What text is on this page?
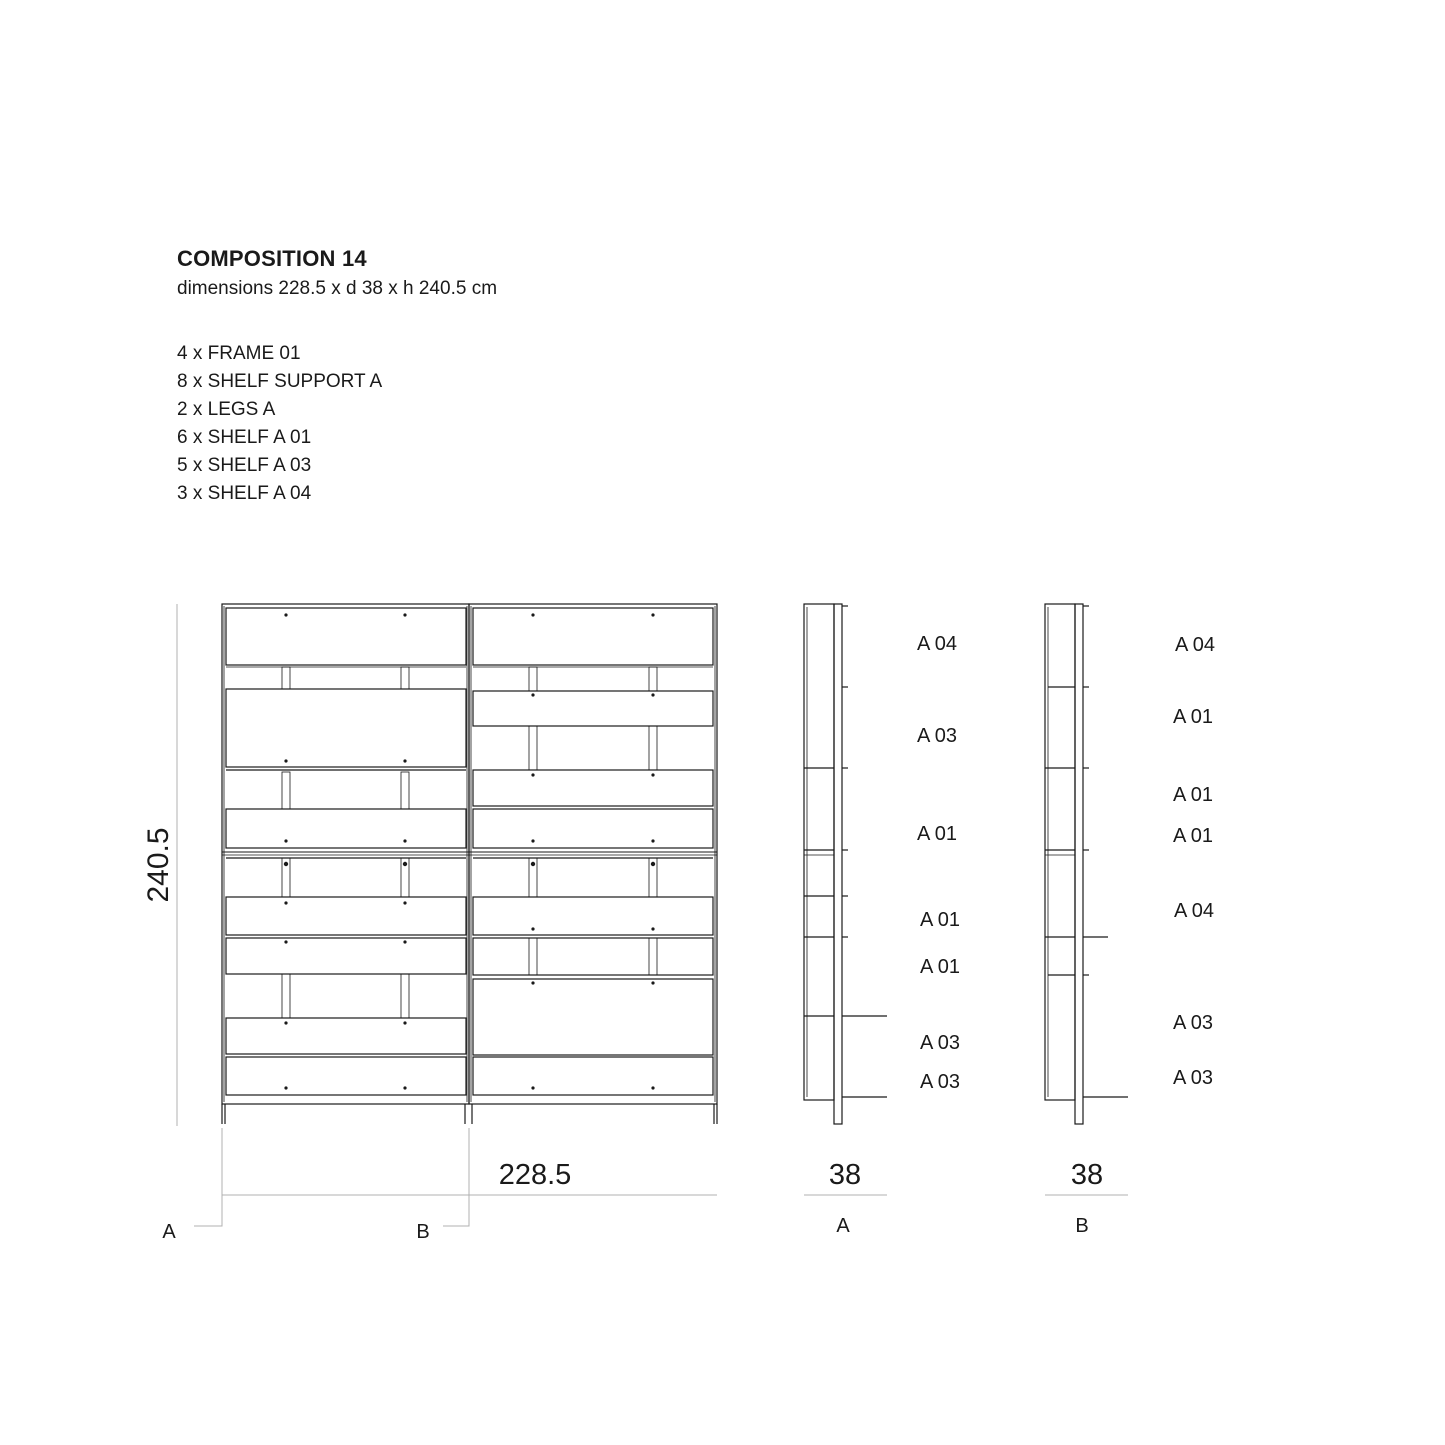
COMPOSITION 14
dimensions 228.5 x d 38 x h 240.5 cm
4 x FRAME 01
8 x SHELF SUPPORT A
2 x LEGS A
6 x SHELF A 01
5 x SHELF A 03
3 x SHELF A 04
240.5
228.5
A	B
A 04
A 03
A 01
A 01
A 01
A 03
A 03
38
A
A 04
A 01
A 01
A 01
A 04
A 03
A 03
38
B
